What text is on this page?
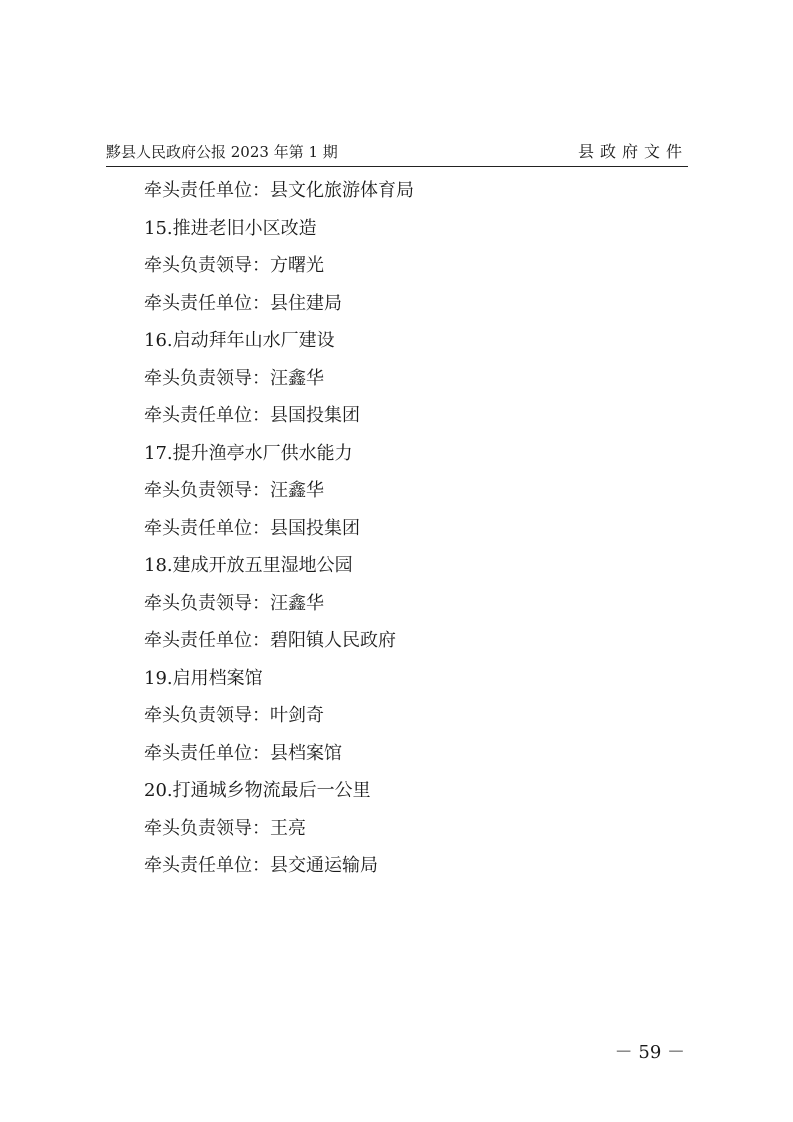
黟县人民政府公报 2023 年第 1 期	县政府文件
牵头责任单位：县文化旅游体育局
15.推进老旧小区改造
牵头负责领导：方曙光
牵头责任单位：县住建局
16.启动拜年山水厂建设
牵头负责领导：汪鑫华
牵头责任单位：县国投集团
17.提升渔亭水厂供水能力
牵头负责领导：汪鑫华
牵头责任单位：县国投集团
18.建成开放五里湿地公园
牵头负责领导：汪鑫华
牵头责任单位：碧阳镇人民政府
19.启用档案馆
牵头负责领导：叶剑奇
牵头责任单位：县档案馆
20.打通城乡物流最后一公里
牵头负责领导：王亮
牵头责任单位：县交通运输局
－ 59 －
